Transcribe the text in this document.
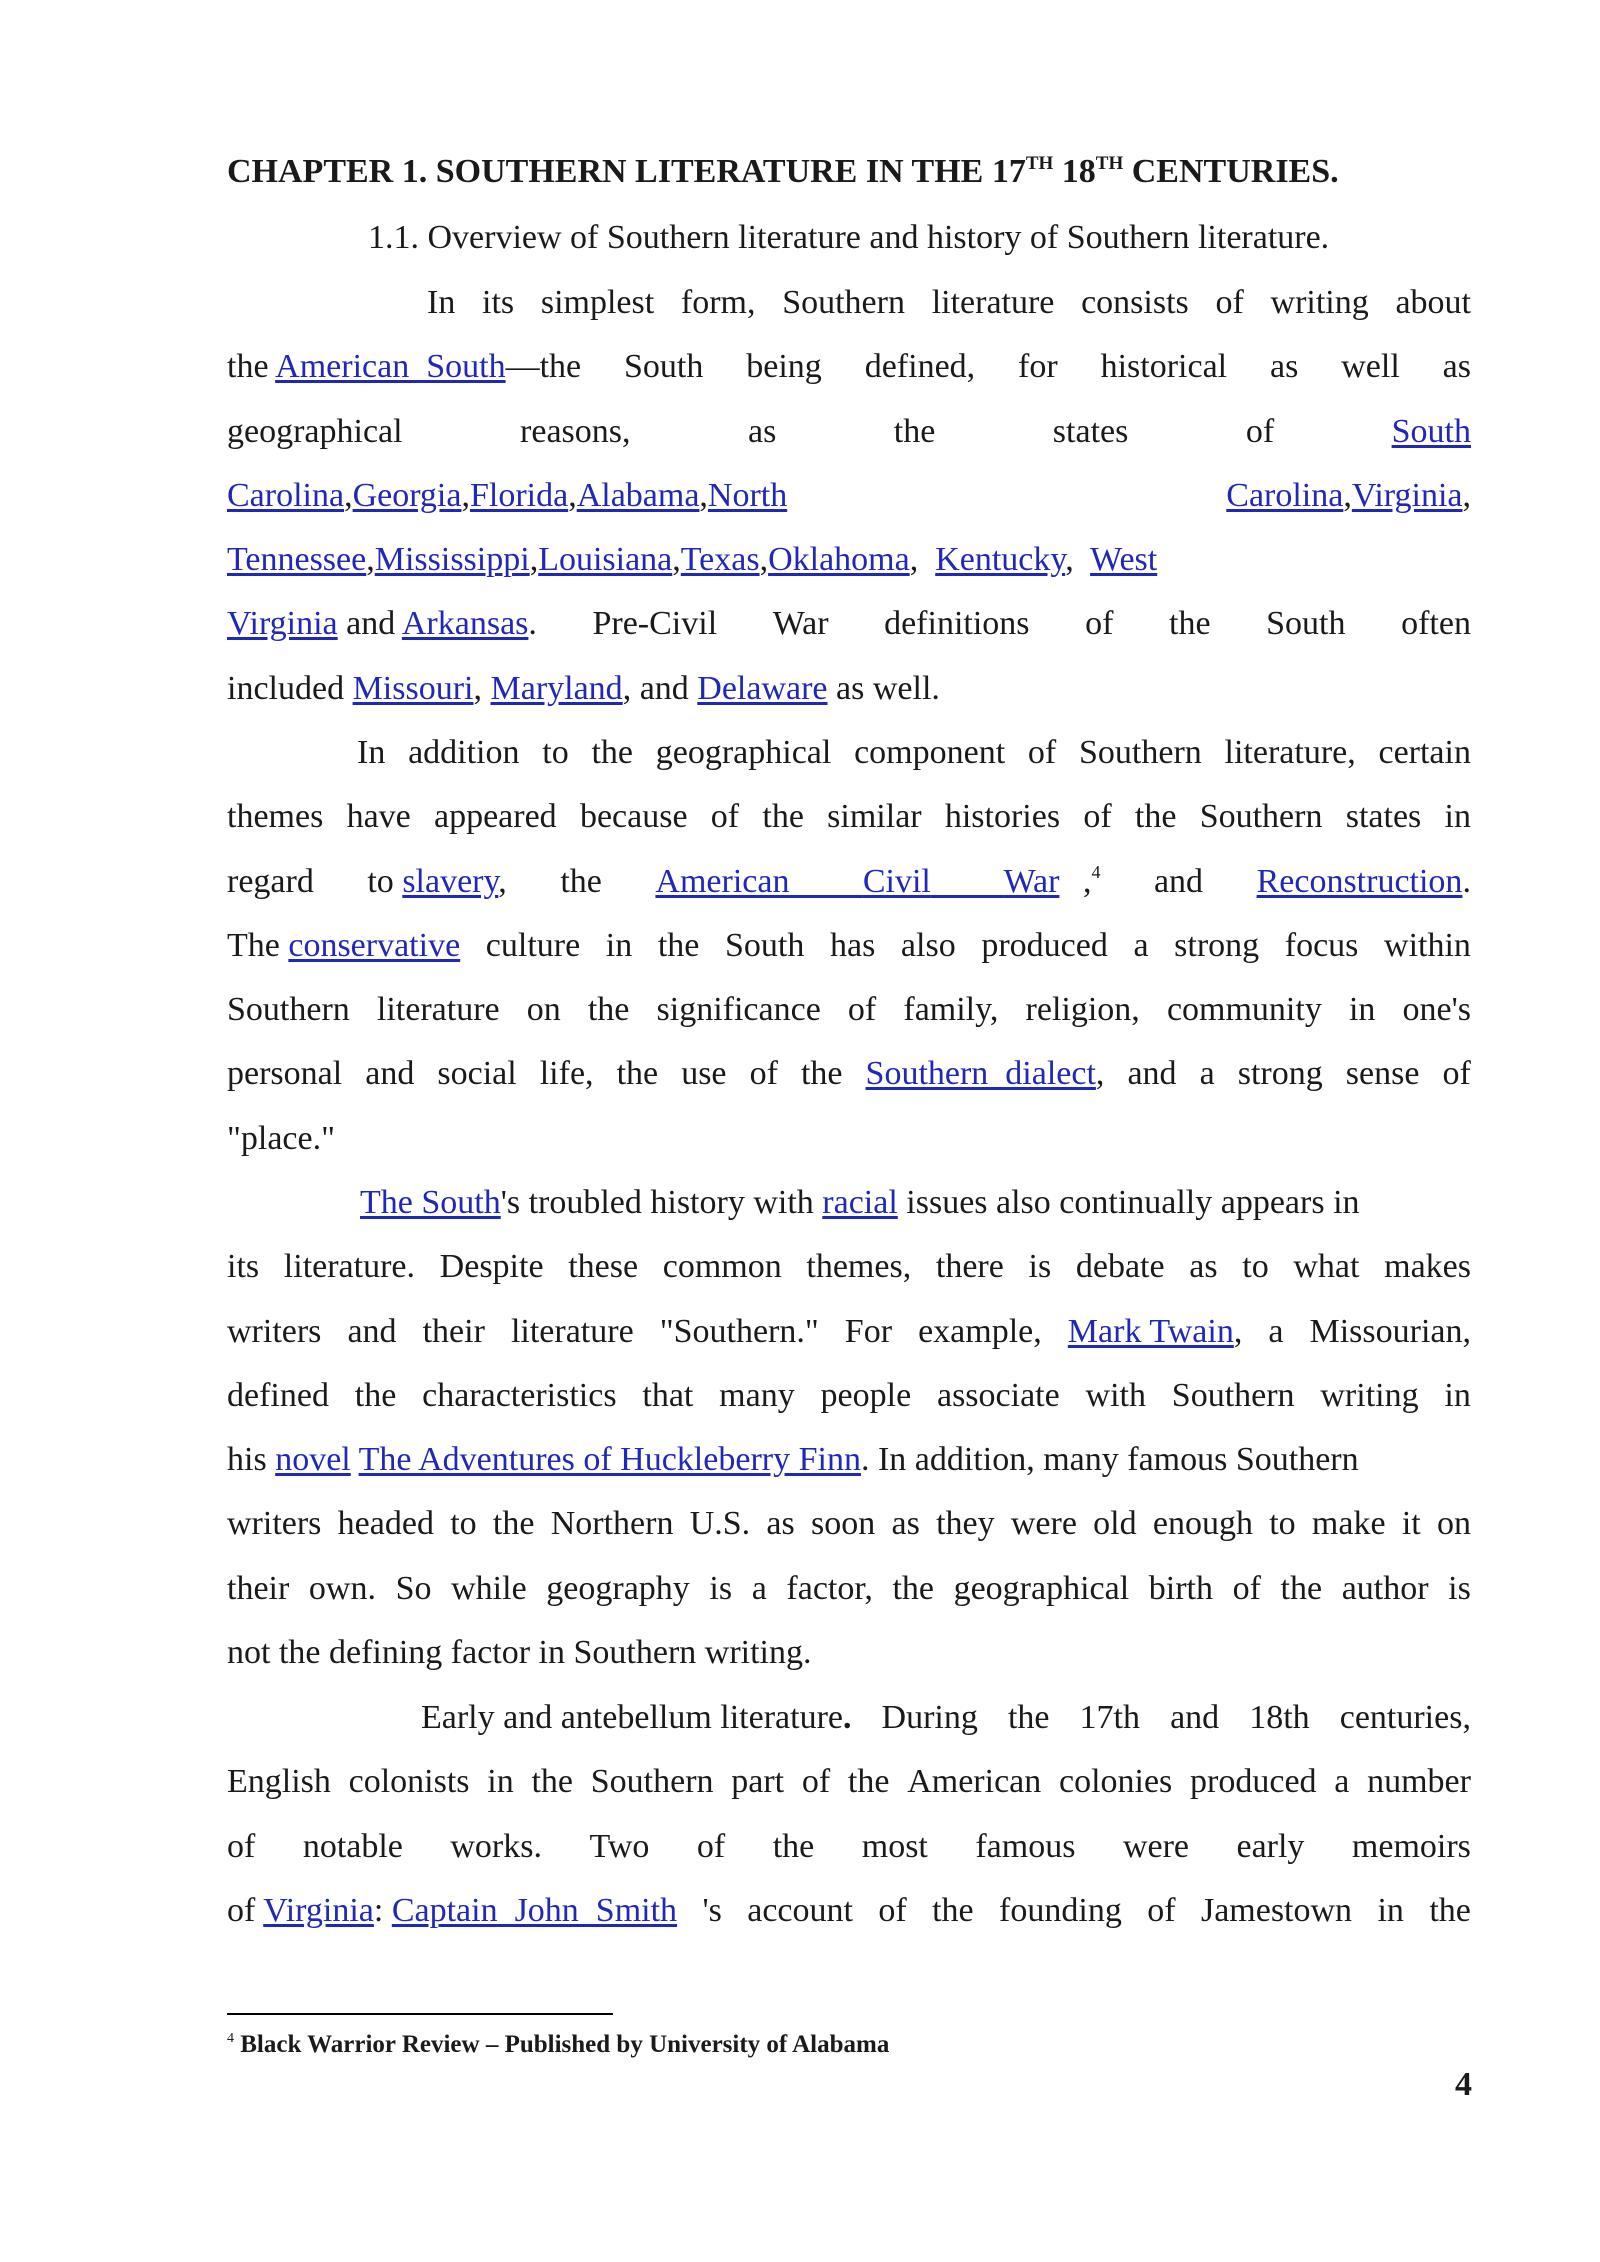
CHAPTER 1. SOUTHERN LITERATURE IN THE 17TH 18TH CENTURIES.
1.1. Overview of Southern literature and history of Southern literature.
In its simplest form, Southern literature consists of writing about
the American  South—the South being defined, for historical as well as
geographical	reasons,	as	the	states	of	South
Carolina,Georgia,Florida,Alabama,North	Carolina,Virginia,
Tennessee,Mississippi,Louisiana,Texas,Oklahoma,  Kentucky,  West
Virginia and Arkansas. Pre-Civil War definitions of the South often
included Missouri, Maryland, and Delaware as well.
In addition to the geographical component of Southern literature, certain
themes have appeared because of the similar histories of the Southern states in
regard to slavery, the American Civil War ,$^4$ and Reconstruction.
The conservative culture in the South has also produced a strong focus within
Southern literature on the significance of family, religion, community in one's
personal and social life, the use of the Southern  dialect, and a strong sense of
"place."
The South's troubled history with racial issues also continually appears in
its literature. Despite these common themes, there is debate as to what makes
writers and their literature "Southern." For example, Mark Twain, a Missourian,
defined the characteristics that many people associate with Southern writing in
his novel The Adventures of Huckleberry Finn. In addition, many famous Southern
writers headed to the Northern U.S. as soon as they were old enough to make it on
their own. So while geography is a factor, the geographical birth of the author is
not the defining factor in Southern writing.
Early and antebellum literature. During the 17th and 18th centuries,
English colonists in the Southern part of the American colonies produced a number
of notable works. Two of the most famous were early memoirs
of Virginia: Captain  John  Smith 's account of the founding of Jamestown in the
$^4$ Black Warrior Review – Published by University of Alabama
4
